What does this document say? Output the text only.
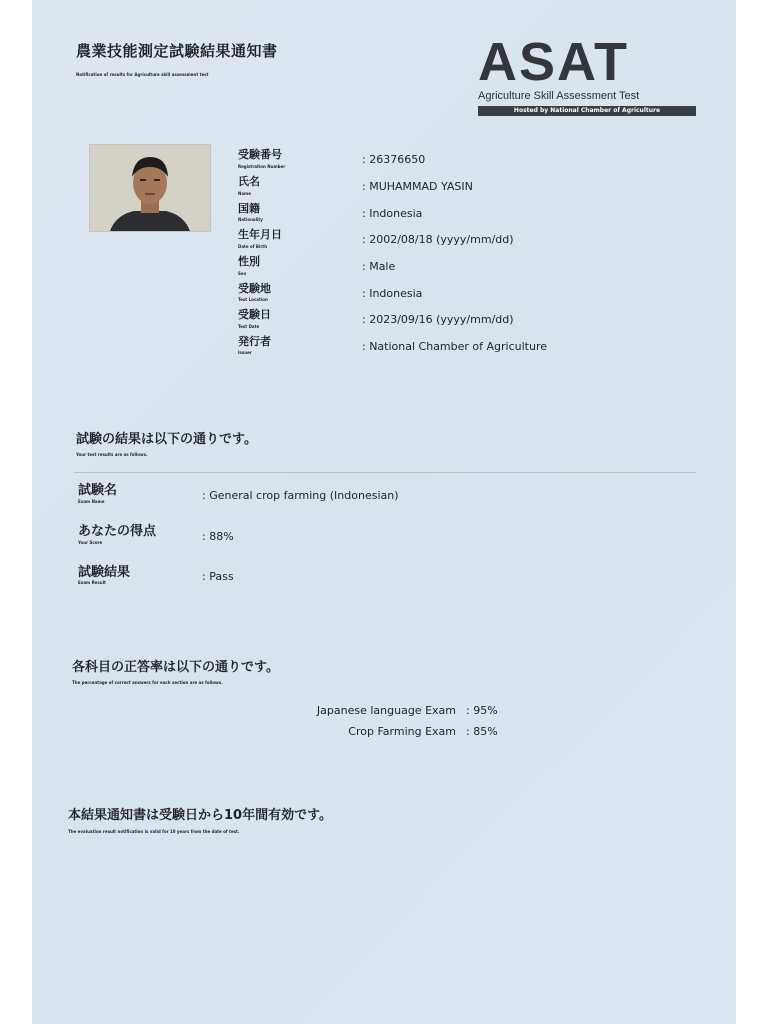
農業技能測定試験結果通知書
Notification of results for Agriculture skill assessment test	ASAT
Agriculture Skill Assessment Test
Hosted by National Chamber of Agriculture
受験番号
Registration Number
: 26376650
氏名
Name
: MUHAMMAD YASIN
国籍
Nationality	: Indonesia
生年月日
Date of Birth
: 2002/08/18 (yyyy/mm/dd)
性別
Sex
: Male
受験地
Test Location	: Indonesia
受験日
Test Date
: 2023/09/16 (yyyy/mm/dd)
発行者
Issuer	: National Chamber of Agriculture
試験の結果は以下の通りです。
Your test results are as follows.
試験名
Exam Name	: General crop farming (Indonesian)
あなたの得点
Your Score	: 88%
試験結果
Exam Result	: Pass
各科目の正答率は以下の通りです。
The percentage of correct answers for each section are as follows.
Japanese language Exam : 95%
Crop Farming Exam : 85%
本結果通知書は受験日から10年間有効です。
The evaluation result notification is valid for 10 years from the date of test.
